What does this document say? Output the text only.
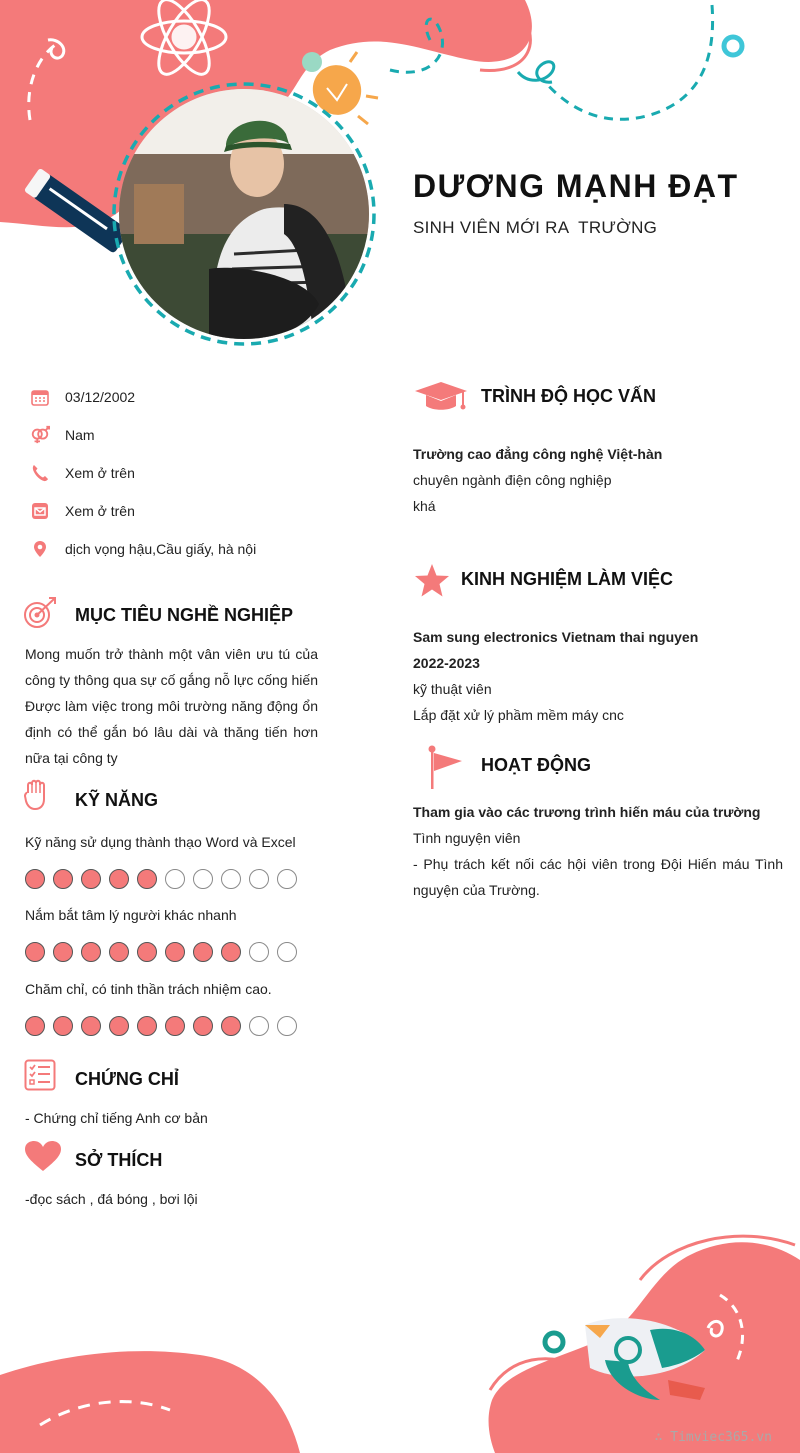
DƯƠNG MẠNH ĐẠT
SINH VIÊN MỚI RA  TRƯỜNG
03/12/2002
Nam
Xem ở trên
Xem ở trên
dịch vọng hậu,Cầu giấy, hà nội
MỤC TIÊU NGHỀ NGHIỆP
Mong muốn trở thành một vân viên ưu tú của
công ty thông qua sự cố gắng nỗ lực cống hiến
Được làm việc trong môi trường năng động ổn
định có thể gắn bó lâu dài và thăng tiến hơn
nữa tại công ty
KỸ NĂNG
Kỹ năng sử dụng thành thạo Word và Excel
Nắm bắt tâm lý người khác nhanh
Chăm chỉ, có tinh thần trách nhiệm cao.
CHỨNG CHỈ
- Chứng chỉ tiếng Anh cơ bản
SỞ THÍCH
-đọc sách , đá bóng , bơi lội
TRÌNH ĐỘ HỌC VẤN
Trường cao đẳng công nghệ Việt-hàn
chuyên ngành điện công nghiệp
khá
KINH NGHIỆM LÀM VIỆC
Sam sung electronics Vietnam thai nguyen
2022-2023
kỹ thuật viên
Lắp đặt xử lý phầm mềm máy cnc
HOẠT ĐỘNG
Tham gia vào các trương trình hiến máu của trường
Tình nguyện viên
- Phụ trách kết nối các hội viên trong Đội Hiến máu Tình
nguyện của Trường.
∴ Timviec365.vn
